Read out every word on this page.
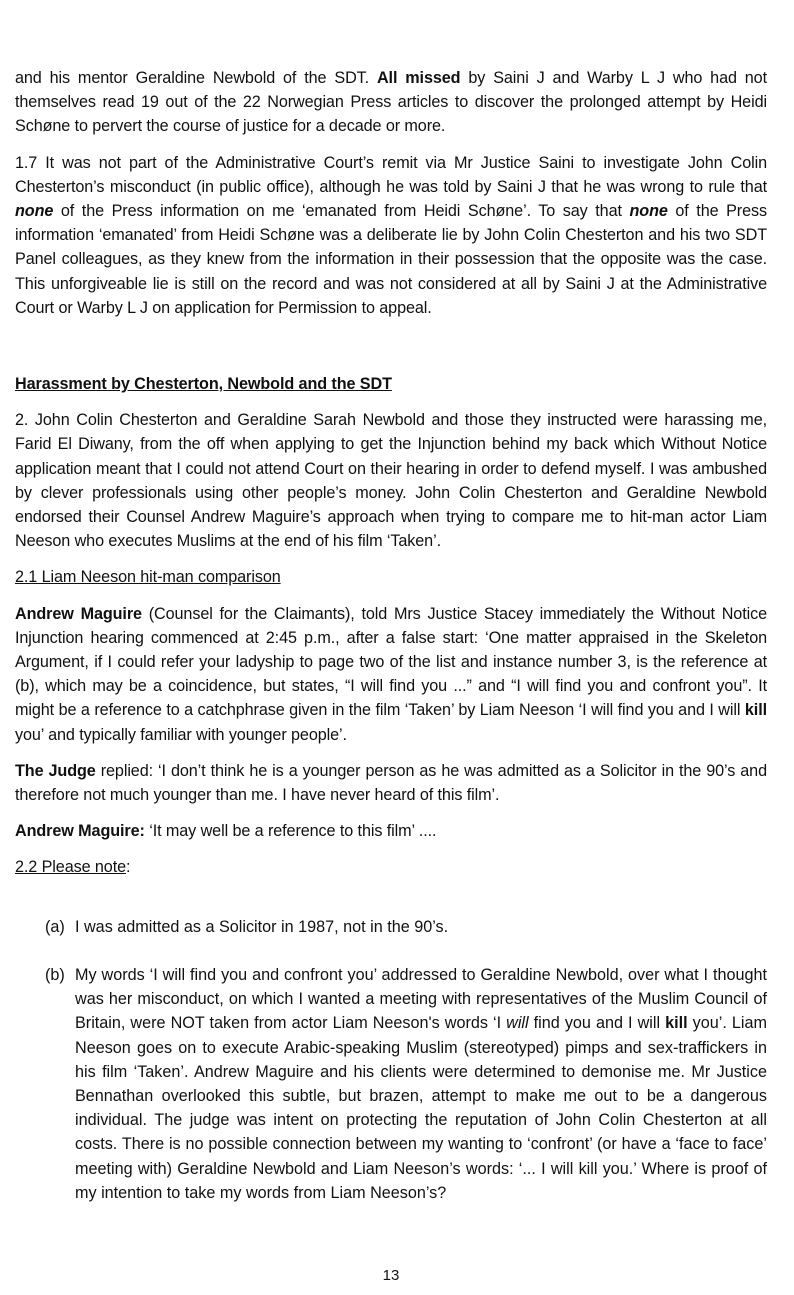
and his mentor Geraldine Newbold of the SDT. All missed by Saini J and Warby L J who had not themselves read 19 out of the 22 Norwegian Press articles to discover the prolonged attempt by Heidi Schøne to pervert the course of justice for a decade or more.

1.7 It was not part of the Administrative Court’s remit via Mr Justice Saini to investigate John Colin Chesterton’s misconduct (in public office), although he was told by Saini J that he was wrong to rule that none of the Press information on me ‘emanated from Heidi Schøne’. To say that none of the Press information ‘emanated’ from Heidi Schøne was a deliberate lie by John Colin Chesterton and his two SDT Panel colleagues, as they knew from the information in their possession that the opposite was the case. This unforgiveable lie is still on the record and was not considered at all by Saini J at the Administrative Court or Warby L J on application for Permission to appeal.

Harassment by Chesterton, Newbold and the SDT

2. John Colin Chesterton and Geraldine Sarah Newbold and those they instructed were harassing me, Farid El Diwany, from the off when applying to get the Injunction behind my back which Without Notice application meant that I could not attend Court on their hearing in order to defend myself. I was ambushed by clever professionals using other people’s money. John Colin Chesterton and Geraldine Newbold endorsed their Counsel Andrew Maguire’s approach when trying to compare me to hit-man actor Liam Neeson who executes Muslims at the end of his film ‘Taken’.

2.1 Liam Neeson hit-man comparison

Andrew Maguire (Counsel for the Claimants), told Mrs Justice Stacey immediately the Without Notice Injunction hearing commenced at 2:45 p.m., after a false start: ‘One matter appraised in the Skeleton Argument, if I could refer your ladyship to page two of the list and instance number 3, is the reference at (b), which may be a coincidence, but states, “I will find you ...” and “I will find you and confront you”. It might be a reference to a catchphrase given in the film ‘Taken’ by Liam Neeson ‘I will find you and I will kill you’ and typically familiar with younger people’.

The Judge replied: ‘I don’t think he is a younger person as he was admitted as a Solicitor in the 90’s and therefore not much younger than me. I have never heard of this film’.

Andrew Maguire: ‘It may well be a reference to this film’ ....

2.2 Please note:

(a) I was admitted as a Solicitor in 1987, not in the 90’s.
(b) My words ‘I will find you and confront you’ addressed to Geraldine Newbold, over what I thought was her misconduct, on which I wanted a meeting with representatives of the Muslim Council of Britain, were NOT taken from actor Liam Neeson's words ‘I will find you and I will kill you’. Liam Neeson goes on to execute Arabic-speaking Muslim (stereotyped) pimps and sex-traffickers in his film ‘Taken’. Andrew Maguire and his clients were determined to demonise me. Mr Justice Bennathan overlooked this subtle, but brazen, attempt to make me out to be a dangerous individual. The judge was intent on protecting the reputation of John Colin Chesterton at all costs. There is no possible connection between my wanting to ‘confront’ (or have a ‘face to face’ meeting with) Geraldine Newbold and Liam Neeson’s words: ‘... I will kill you.’ Where is proof of my intention to take my words from Liam Neeson’s?
13
